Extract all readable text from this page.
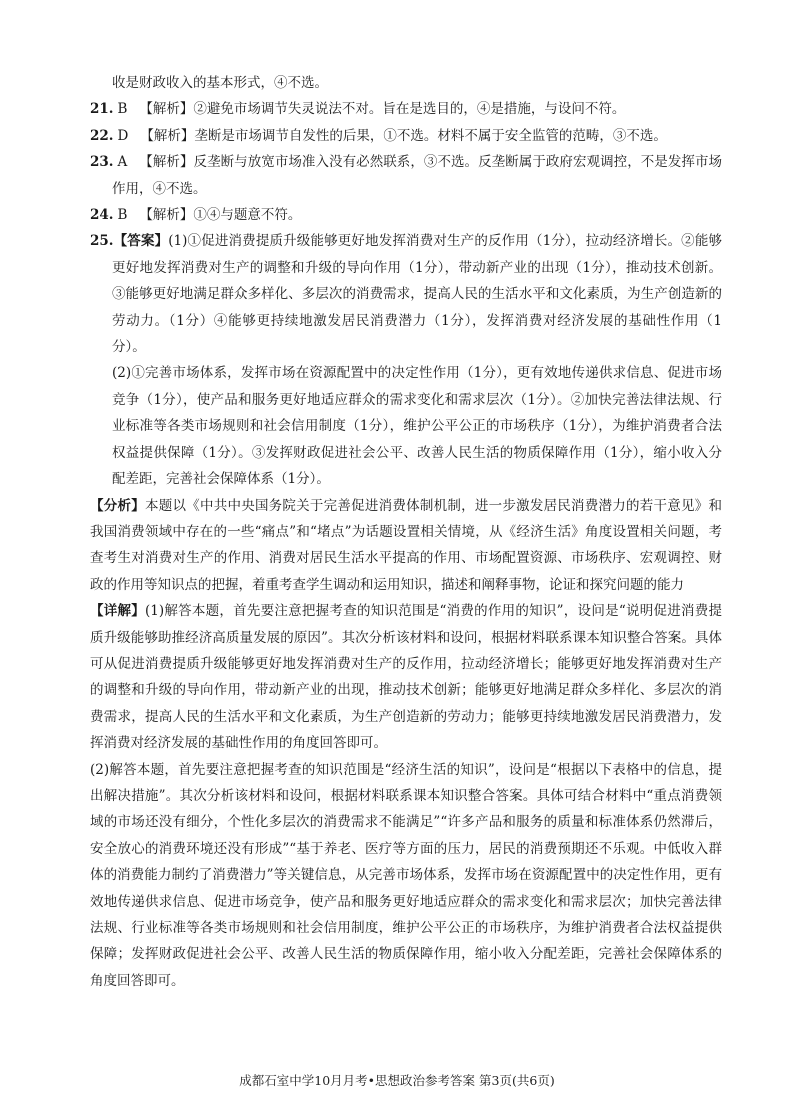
收是财政收入的基本形式，④不选。

21. B 【解析】②避免市场调节失灵说法不对。旨在是选目的，④是措施，与设问不符。

22. D 【解析】垄断是市场调节自发性的后果，①不选。材料不属于安全监管的范畴，③不选。

23. A 【解析】反垄断与放宽市场准入没有必然联系，③不选。反垄断属于政府宏观调控，不是发挥市场作用，④不选。

24. B 【解析】①④与题意不符。

25.【答案】(1)①促进消费提质升级能够更好地发挥消费对生产的反作用（1分），拉动经济增长。②能够更好地发挥消费对生产的调整和升级的导向作用（1分），带动新产业的出现（1分），推动技术创新。③能够更好地满足群众多样化、多层次的消费需求，提高人民的生活水平和文化素质，为生产创造新的劳动力。（1分）④能够更持续地激发居民消费潜力（1分），发挥消费对经济发展的基础性作用（1分）。

(2)①完善市场体系，发挥市场在资源配置中的决定性作用（1分），更有效地传递供求信息、促进市场竞争（1分），使产品和服务更好地适应群众的需求变化和需求层次（1分）。②加快完善法律法规、行业标准等各类市场规则和社会信用制度（1分），维护公平公正的市场秩序（1分），为维护消费者合法权益提供保障（1分）。③发挥财政促进社会公平、改善人民生活的物质保障作用（1分），缩小收入分配差距，完善社会保障体系（1分）。

【分析】本题以《中共中央国务院关于完善促进消费体制机制，进一步激发居民消费潜力的若干意见》和我国消费领域中存在的一些“痛点”和“堵点”为话题设置相关情境，从《经济生活》角度设置相关问题，考查考生对消费对生产的作用、消费对居民生活水平提高的作用、市场配置资源、市场秩序、宏观调控、财政的作用等知识点的把握，着重考查学生调动和运用知识，描述和阐释事物，论证和探究问题的能力

【详解】(1)解答本题，首先要注意把握考查的知识范围是“消费的作用的知识”，设问是“说明促进消费提质升级能够助推经济高质量发展的原因”。其次分析该材料和设问，根据材料联系课本知识整合答案。具体可从促进消费提质升级能够更好地发挥消费对生产的反作用，拉动经济增长；能够更好地发挥消费对生产的调整和升级的导向作用，带动新产业的出现，推动技术创新；能够更好地满足群众多样化、多层次的消费需求，提高人民的生活水平和文化素质，为生产创造新的劳动力；能够更持续地激发居民消费潜力，发挥消费对经济发展的基础性作用的角度回答即可。

(2)解答本题，首先要注意把握考查的知识范围是“经济生活的知识”，设问是“根据以下表格中的信息，提出解决措施”。其次分析该材料和设问，根据材料联系课本知识整合答案。具体可结合材料中“重点消费领域的市场还没有细分，个性化多层次的消费需求不能满足”“许多产品和服务的质量和标准体系仍然滞后，安全放心的消费环境还没有形成”“基于养老、医疗等方面的压力，居民的消费预期还不乐观。中低收入群体的消费能力制约了消费潜力”等关键信息，从完善市场体系，发挥市场在资源配置中的决定性作用，更有效地传递供求信息、促进市场竞争，使产品和服务更好地适应群众的需求变化和需求层次；加快完善法律法规、行业标准等各类市场规则和社会信用制度，维护公平公正的市场秩序，为维护消费者合法权益提供保障；发挥财政促进社会公平、改善人民生活的物质保障作用，缩小收入分配差距，完善社会保障体系的角度回答即可。

成都石室中学10月月考•思想政治参考答案 第3页(共6页)
